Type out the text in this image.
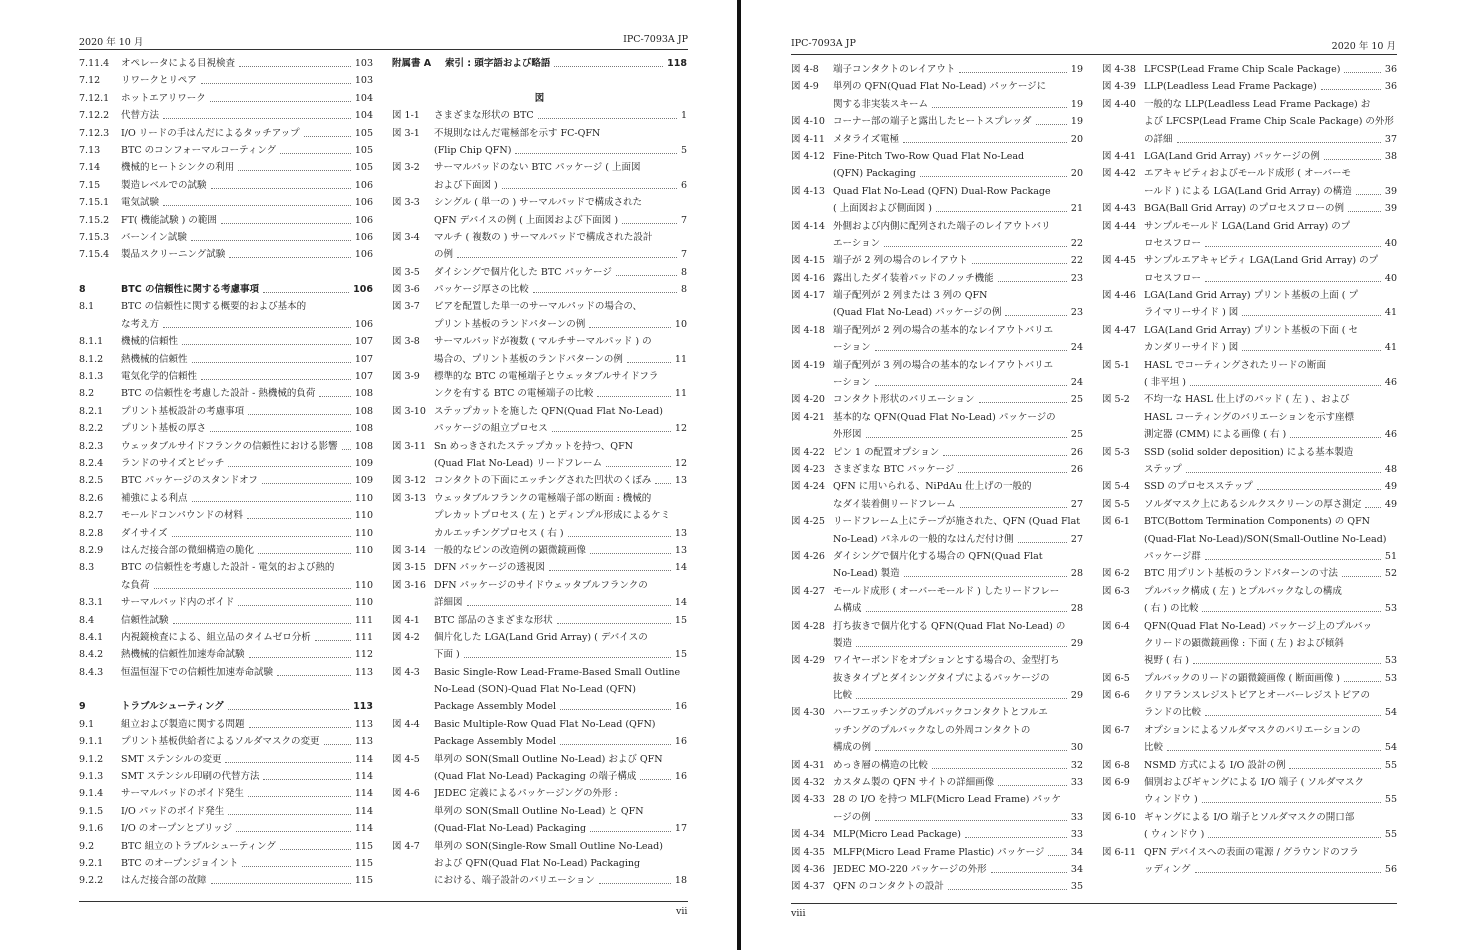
2020 年 10 月	IPC-7093A JP
7.11.4 オペレータによる目視検査	103
7.12 リワークとリペア	103
7.12.1 ホットエアリワーク	104
7.12.2 代替方法	104
7.12.3 I/O リードの手はんだによるタッチアップ	105
7.13 BTC のコンフォーマルコーティング	105
7.14 機械的ヒートシンクの利用	105
7.15 製造レベルでの試験	106
7.15.1 電気試験	106
7.15.2 FT( 機能試験 ) の範囲	106
7.15.3 バーンイン試験	106
7.15.4 製品スクリーニング試験	106
8	BTC の信頼性に関する考慮事項	106
8.1	BTC の信頼性に関する概要的および基本的
な考え方	106
8.1.1 機械的信頼性	107
8.1.2 熱機械的信頼性	107
8.1.3 電気化学的信頼性	107
8.2	BTC の信頼性を考慮した設計 - 熱機械的負荷	108
8.2.1 プリント基板設計の考慮事項	108
8.2.2 プリント基板の厚さ	108
8.2.3 ウェッタブルサイドフランクの信頼性における影響 108
8.2.4 ランドのサイズとピッチ	109
8.2.5 BTC パッケージのスタンドオフ	109
8.2.6 補強による利点	110
8.2.7 モールドコンパウンドの材料	110
8.2.8 ダイサイズ	110
8.2.9 はんだ接合部の微細構造の脆化	110
8.3	BTC の信頼性を考慮した設計 - 電気的および熱的
な負荷	110
8.3.1 サーマルパッド内のボイド	110
8.4	信頼性試験	111
8.4.1 内視鏡検査による、組立品のタイムゼロ分析	111
8.4.2 熱機械的信頼性加速寿命試験	112
8.4.3 恒温恒湿下での信頼性加速寿命試験	113
9	トラブルシューティング	113
9.1	組立および製造に関する問題	113
9.1.1 プリント基板供給者によるソルダマスクの変更	113
9.1.2 SMT ステンシルの変更	114
9.1.3 SMT ステンシル印刷の代替方法	114
9.1.4 サーマルパッドのボイド発生	114
9.1.5 I/O パッドのボイド発生	114
9.1.6 I/O のオープンとブリッジ	114
9.2	BTC 組立のトラブルシューティング	115
9.2.1 BTC のオープンジョイント	115
9.2.2 はんだ接合部の故障	115
附属書 A 索引 : 頭字語および略語	118
図
図 1-1 さまざまな形状の BTC	1
図 3-1 不規則なはんだ電極部を示す FC-QFN
(Flip Chip QFN)	5
図 3-2 サーマルパッドのない BTC パッケージ ( 上面図
および下面図 )	6
図 3-3 シングル ( 単一の ) サーマルパッドで構成された
QFN デバイスの例 ( 上面図および下面図 )	7
図 3-4 マルチ ( 複数の ) サーマルパッドで構成された設計
の例	7
図 3-5 ダイシングで個片化した BTC パッケージ	8
図 3-6 パッケージ厚さの比較	8
図 3-7 ビアを配置した単一のサーマルパッドの場合の、
プリント基板のランドパターンの例	10
図 3-8 サーマルパッドが複数 ( マルチサーマルパッド ) の
場合の、プリント基板のランドパターンの例	11
図 3-9 標準的な BTC の電極端子とウェッタブルサイドフラ
ンクを有する BTC の電極端子の比較	11
図 3-10 ステップカットを施した QFN(Quad Flat No-Lead)
パッケージの組立プロセス	12
図 3-11 Sn めっきされたステップカットを持つ、QFN
(Quad Flat No-Lead) リードフレーム	12
図 3-12 コンタクトの下面にエッチングされた凹状のくぼみ 13
図 3-13 ウェッタブルフランクの電極端子部の断面 : 機械的
プレカットプロセス ( 左 ) とディンプル形成によるケミ
カルエッチングプロセス ( 右 )	13
図 3-14 一般的なピンの改造例の顕微鏡画像	13
図 3-15 DFN パッケージの透視図	14
図 3-16 DFN パッケージのサイドウェッタブルフランクの
詳細図	14
図 4-1 BTC 部品のさまざまな形状	15
図 4-2 個片化した LGA(Land Grid Array) ( デバイスの
下面 )	15
図 4-3 Basic Single-Row Lead-Frame-Based Small Outline
No-Lead (SON)-Quad Flat No-Lead (QFN)
Package Assembly Model	16
図 4-4 Basic Multiple-Row Quad Flat No-Lead (QFN)
Package Assembly Model	16
図 4-5 単列の SON(Small Outline No-Lead) および QFN
(Quad Flat No-Lead) Packaging の端子構成	16
図 4-6 JEDEC 定義によるパッケージングの外形 :
単列の SON(Small Outline No-Lead) と QFN
(Quad-Flat No-Lead) Packaging	17
図 4-7 単列の SON(Single-Row Small Outline No-Lead)
および QFN(Quad Flat No-Lead) Packaging
における、端子設計のバリエーション	18
vii
IPC-7093A JP	2020 年 10 月
図 4-8 端子コンタクトのレイアウト	19
図 4-9 単列の QFN(Quad Flat No-Lead) パッケージに
関する非実装スキーム	19
図 4-10 コーナー部の端子と露出したヒートスプレッダ	19
図 4-11 メタライズ電極	20
図 4-12 Fine-Pitch Two-Row Quad Flat No-Lead
(QFN) Packaging	20
図 4-13 Quad Flat No-Lead (QFN) Dual-Row Package
( 上面図および側面図 )	21
図 4-14 外側および内側に配列された端子のレイアウトバリ
エーション	22
図 4-15 端子が 2 列の場合のレイアウト	22
図 4-16 露出したダイ装着パッドのノッチ機能	23
図 4-17 端子配列が 2 列または 3 列の QFN
(Quad Flat No-Lead) パッケージの例	23
図 4-18 端子配列が 2 列の場合の基本的なレイアウトバリエ
ーション	24
図 4-19 端子配列が 3 列の場合の基本的なレイアウトバリエ
ーション	24
図 4-20 コンタクト形状のバリエーション	25
図 4-21 基本的な QFN(Quad Flat No-Lead) パッケージの
外形図	25
図 4-22 ピン 1 の配置オプション	26
図 4-23 さまざまな BTC パッケージ	26
図 4-24 QFN に用いられる、NiPdAu 仕上げの一般的
なダイ装着側リードフレーム	27
図 4-25 リードフレーム上にテープが施された、QFN (Quad Flat
No-Lead) パネルの一般的なはんだ付け側	27
図 4-26 ダイシングで個片化する場合の QFN(Quad Flat
No-Lead) 製造	28
図 4-27 モールド成形 ( オーバーモールド ) したリードフレー
ム構成	28
図 4-28 打ち抜きで個片化する QFN(Quad Flat No-Lead) の
製造	29
図 4-29 ワイヤーボンドをオプションとする場合の、金型打ち
抜きタイプとダイシングタイプによるパッケージの
比較	29
図 4-30 ハーフエッチングのプルバックコンタクトとフルエ
ッチングのプルバックなしの外周コンタクトの
構成の例	30
図 4-31 めっき層の構造の比較	32
図 4-32 カスタム製の QFN サイトの詳細画像	33
図 4-33 28 の I/O を持つ MLF(Micro Lead Frame) パッケ
ージの例	33
図 4-34 MLP(Micro Lead Package)	33
図 4-35 MLFP(Micro Lead Frame Plastic) パッケージ	34
図 4-36 JEDEC MO-220 パッケージの外形	34
図 4-37 QFN のコンタクトの設計	35
図 4-38 LFCSP(Lead Frame Chip Scale Package)	36
図 4-39 LLP(Leadless Lead Frame Package)	36
図 4-40 一般的な LLP(Leadless Lead Frame Package) お
よび LFCSP(Lead Frame Chip Scale Package) の外形
の詳細	37
図 4-41 LGA(Land Grid Array) パッケージの例	38
図 4-42 エアキャビティおよびモールド成形 ( オーバーモ
ールド ) による LGA(Land Grid Array) の構造	39
図 4-43 BGA(Ball Grid Array) のプロセスフローの例	39
図 4-44 サンプルモールド LGA(Land Grid Array) のプ
ロセスフロー	40
図 4-45 サンプルエアキャビティ LGA(Land Grid Array) のプ
ロセスフロー	40
図 4-46 LGA(Land Grid Array) プリント基板の上面 ( プ
ライマリーサイド ) 図	41
図 4-47 LGA(Land Grid Array) プリント基板の下面 ( セ
カンダリーサイド ) 図	41
図 5-1 HASL でコーティングされたリードの断面
( 非平坦 )	46
図 5-2 不均一な HASL 仕上げのパッド ( 左 ) 、および
HASL コーティングのバリエーションを示す座標
測定器 (CMM) による画像 ( 右 )	46
図 5-3 SSD (solid solder deposition) による基本製造
ステップ	48
図 5-4 SSD のプロセスステップ	49
図 5-5 ソルダマスク上にあるシルクスクリーンの厚さ測定 49
図 6-1 BTC(Bottom Termination Components) の QFN
(Quad-Flat No-Lead)/SON(Small-Outline No-Lead)
パッケージ群	51
図 6-2 BTC 用プリント基板のランドパターンの寸法	52
図 6-3 プルバック構成 ( 左 ) とプルバックなしの構成
( 右 ) の比較	53
図 6-4 QFN(Quad Flat No-Lead) パッケージ上のプルバッ
クリードの顕微鏡画像 : 下面 ( 左 ) および傾斜
視野 ( 右 )	53
図 6-5 プルバックのリードの顕微鏡画像 ( 断面画像 )	53
図 6-6 クリアランスレジストビアとオーバーレジストビアの
ランドの比較	54
図 6-7 オプションによるソルダマスクのバリエーションの
比較	54
図 6-8 NSMD 方式による I/O 設計の例	55
図 6-9 個別およびギャングによる I/O 端子 ( ソルダマスク
ウィンドウ )	55
図 6-10 ギャングによる I/O 端子とソルダマスクの開口部
( ウィンドウ )	55
図 6-11 QFN デバイスへの表面の電源 / グラウンドのフラ
ッディング	56
viii
